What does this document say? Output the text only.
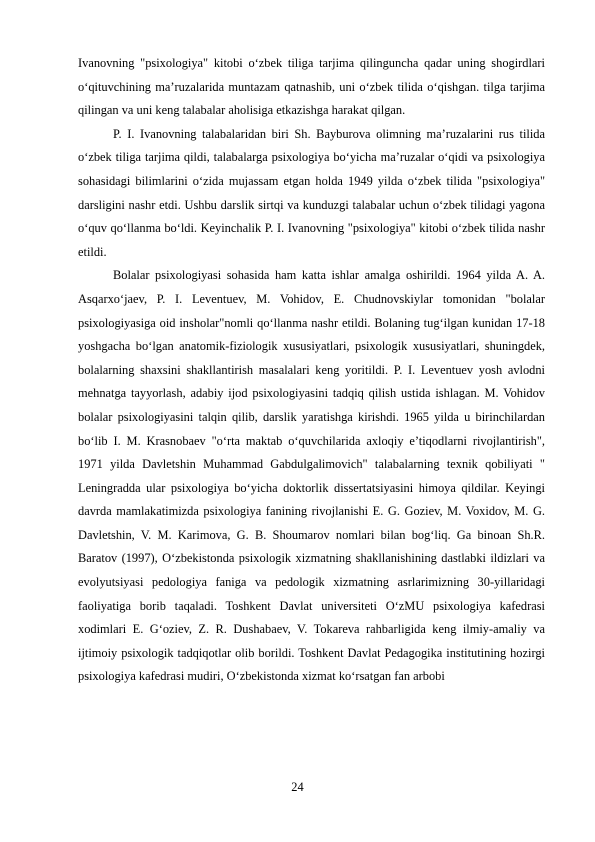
Ivanovning "psixologiya" kitobi o‘zbek tiliga tarjima qilinguncha qadar uning shogirdlari o‘qituvchining ma’ruzalarida muntazam qatnashib, uni o‘zbek tilida o‘qishgan. tilga tarjima qilingan va uni keng talabalar aholisiga etkazishga harakat qilgan.

P. I. Ivanovning talabalaridan biri Sh. Bayburova olimning ma’ruzalarini rus tilida o‘zbek tiliga tarjima qildi, talabalarga psixologiya bo‘yicha ma’ruzalar o‘qidi va psixologiya sohasidagi bilimlarini o‘zida mujassam etgan holda 1949 yilda o‘zbek tilida "psixologiya" darsligini nashr etdi. Ushbu darslik sirtqi va kunduzgi talabalar uchun o‘zbek tilidagi yagona o‘quv qo‘llanma bo‘ldi. Keyinchalik P. I. Ivanovning "psixologiya" kitobi o‘zbek tilida nashr etildi.

Bolalar psixologiyasi sohasida ham katta ishlar amalga oshirildi. 1964 yilda A. A. Asqarxo‘jaev, P. I. Leventuev, M. Vohidov, E. Chudnovskiylar tomonidan "bolalar psixologiyasiga oid insholar"nomli qo‘llanma nashr etildi. Bolaning tug‘ilgan kunidan 17-18 yoshgacha bo‘lgan anatomik-fiziologik xususiyatlari, psixologik xususiyatlari, shuningdek, bolalarning shaxsini shakllantirish masalalari keng yoritildi. P. I. Leventuev yosh avlodni mehnatga tayyorlash, adabiy ijod psixologiyasini tadqiq qilish ustida ishlagan. M. Vohidov bolalar psixologiyasini talqin qilib, darslik yaratishga kirishdi. 1965 yilda u birinchilardan bo‘lib I. M. Krasnobaev "o‘rta maktab o‘quvchilarida axloqiy e’tiqodlarni rivojlantirish", 1971 yilda Davletshin Muhammad Gabdulgalimovich" talabalarning texnik qobiliyati " Leningradda ular psixologiya bo‘yicha doktorlik dissertatsiyasini himoya qildilar. Keyingi davrda mamlakatimizda psixologiya fanining rivojlanishi E. G. Goziev, M. Voxidov, M. G. Davletshin, V. M. Karimova, G. B. Shoumarov nomlari bilan bog‘liq. Ga binoan Sh.R. Baratov (1997), O‘zbekistonda psixologik xizmatning shakllanishining dastlabki ildizlari va evolyutsiyasi pedologiya faniga va pedologik xizmatning asrlarimizning 30-yillaridagi faoliyatiga borib taqaladi. Toshkent Davlat universiteti O‘zMU psixologiya kafedrasi xodimlari E. G‘oziev, Z. R. Dushabaev, V. Tokareva rahbarligida keng ilmiy-amaliy va ijtimoiy psixologik tadqiqotlar olib borildi. Toshkent Davlat Pedagogika institutining hozirgi psixologiya kafedrasi mudiri, O‘zbekistonda xizmat ko‘rsatgan fan arbobi

24
